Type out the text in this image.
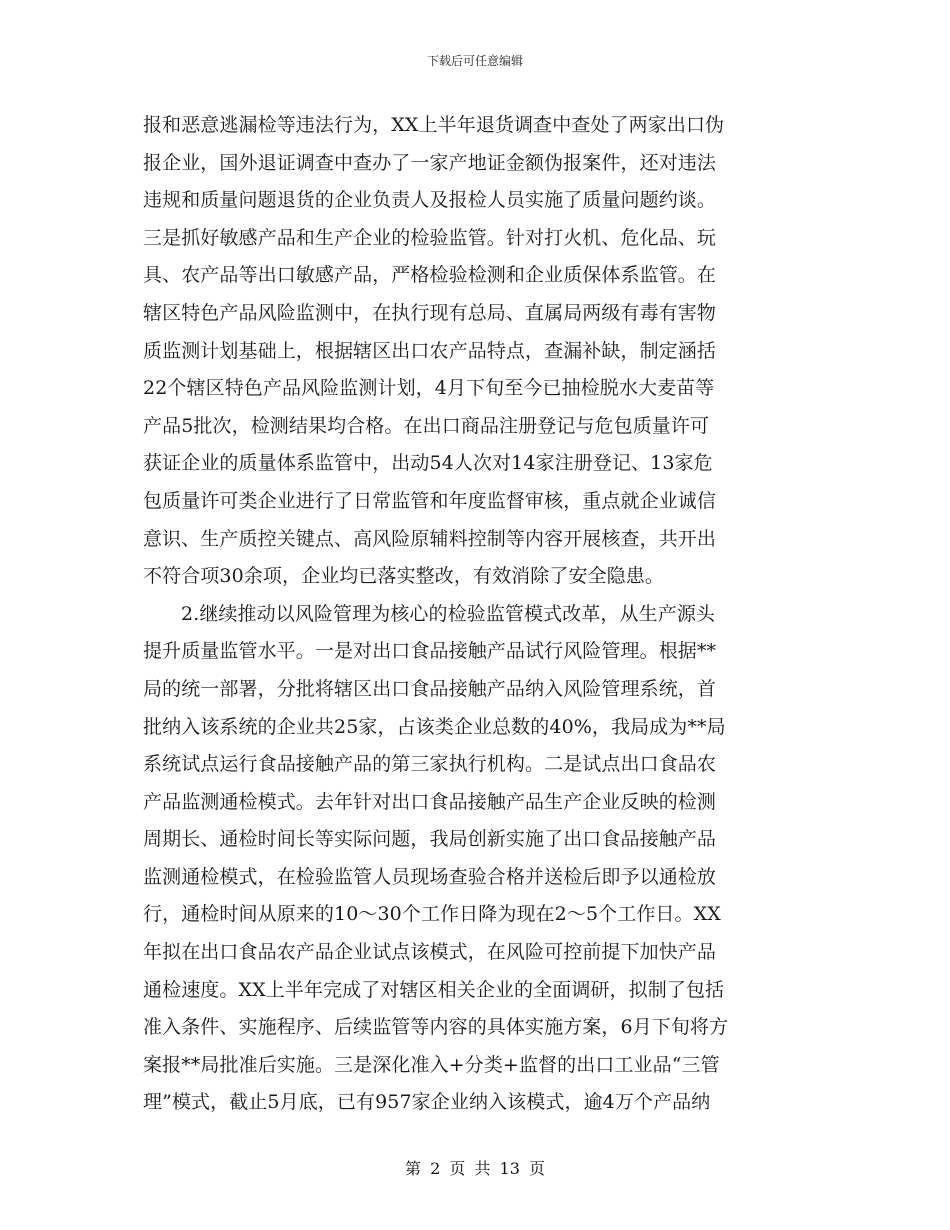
下载后可任意编辑
报和恶意逃漏检等违法行为，XX上半年退货调查中查处了两家出口伪
报企业，国外退证调查中查办了一家产地证金额伪报案件，还对违法
违规和质量问题退货的企业负责人及报检人员实施了质量问题约谈。
三是抓好敏感产品和生产企业的检验监管。针对打火机、危化品、玩
具、农产品等出口敏感产品，严格检验检测和企业质保体系监管。在
辖区特色产品风险监测中，在执行现有总局、直属局两级有毒有害物
质监测计划基础上，根据辖区出口农产品特点，查漏补缺，制定涵括
22个辖区特色产品风险监测计划，4月下旬至今已抽检脱水大麦苗等
产品5批次，检测结果均合格。在出口商品注册登记与危包质量许可
获证企业的质量体系监管中，出动54人次对14家注册登记、13家危
包质量许可类企业进行了日常监管和年度监督审核，重点就企业诚信
意识、生产质控关键点、高风险原辅料控制等内容开展核查，共开出
不符合项30余项，企业均已落实整改，有效消除了安全隐患。
2.继续推动以风险管理为核心的检验监管模式改革，从生产源头
提升质量监管水平。一是对出口食品接触产品试行风险管理。根据**
局的统一部署，分批将辖区出口食品接触产品纳入风险管理系统，首
批纳入该系统的企业共25家，占该类企业总数的40%，我局成为**局
系统试点运行食品接触产品的第三家执行机构。二是试点出口食品农
产品监测通检模式。去年针对出口食品接触产品生产企业反映的检测
周期长、通检时间长等实际问题，我局创新实施了出口食品接触产品
监测通检模式，在检验监管人员现场查验合格并送检后即予以通检放
行，通检时间从原来的10～30个工作日降为现在2～5个工作日。XX
年拟在出口食品农产品企业试点该模式，在风险可控前提下加快产品
通检速度。XX上半年完成了对辖区相关企业的全面调研，拟制了包括
准入条件、实施程序、后续监管等内容的具体实施方案，6月下旬将方
案报**局批准后实施。三是深化准入+分类+监督的出口工业品“三管
理”模式，截止5月底，已有957家企业纳入该模式，逾4万个产品纳
第 2 页 共 13 页
